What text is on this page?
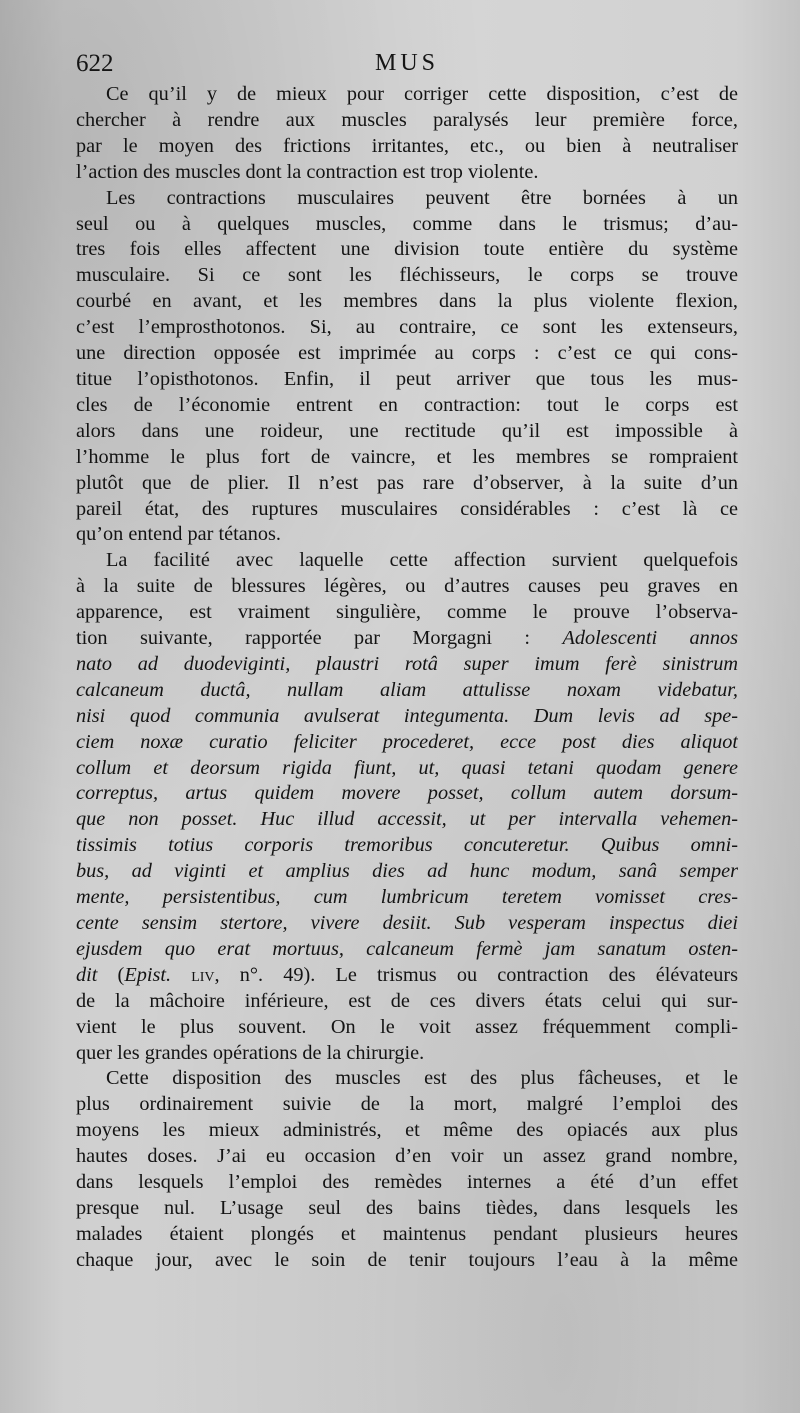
622	MUS
Ce qu’il y de mieux pour corriger cette disposition, c’est de
chercher à rendre aux muscles paralysés leur première force,
par le moyen des frictions irritantes, etc., ou bien à neutraliser
l’action des muscles dont la contraction est trop violente.
Les contractions musculaires peuvent être bornées à un
seul ou à quelques muscles, comme dans le trismus; d’au-
tres fois elles affectent une division toute entière du système
musculaire. Si ce sont les fléchisseurs, le corps se trouve
courbé en avant, et les membres dans la plus violente flexion,
c’est l’emprosthotonos. Si, au contraire, ce sont les extenseurs,
une direction opposée est imprimée au corps : c’est ce qui cons-
titue l’opisthotonos. Enfin, il peut arriver que tous les mus-
cles de l’économie entrent en contraction: tout le corps est
alors dans une roideur, une rectitude qu’il est impossible à
l’homme le plus fort de vaincre, et les membres se rompraient
plutôt que de plier. Il n’est pas rare d’observer, à la suite d’un
pareil état, des ruptures musculaires considérables : c’est là ce
qu’on entend par tétanos.
La facilité avec laquelle cette affection survient quelquefois
à la suite de blessures légères, ou d’autres causes peu graves en
apparence, est vraiment singulière, comme le prouve l’observa-
tion suivante, rapportée par Morgagni : Adolescenti annos
nato ad duodeviginti, plaustri rotâ super imum ferè sinistrum
calcaneum ductâ, nullam aliam attulisse noxam videbatur,
nisi quod communia avulserat integumenta. Dum levis ad spe-
ciem noxæ curatio feliciter procederet, ecce post dies aliquot
collum et deorsum rigida fiunt, ut, quasi tetani quodam genere
correptus, artus quidem movere posset, collum autem dorsum-
que non posset. Huc illud accessit, ut per intervalla vehemen-
tissimis totius corporis tremoribus concuteretur. Quibus omni-
bus, ad viginti et amplius dies ad hunc modum, sanâ semper
mente, persistentibus, cum lumbricum teretem vomisset cres-
cente sensim stertore, vivere desiit. Sub vesperam inspectus diei
ejusdem quo erat mortuus, calcaneum fermè jam sanatum osten-
dit (Epist. liv, n°. 49). Le trismus ou contraction des élévateurs
de la mâchoire inférieure, est de ces divers états celui qui sur-
vient le plus souvent. On le voit assez fréquemment compli-
quer les grandes opérations de la chirurgie.
Cette disposition des muscles est des plus fâcheuses, et le
plus ordinairement suivie de la mort, malgré l’emploi des
moyens les mieux administrés, et même des opiacés aux plus
hautes doses. J’ai eu occasion d’en voir un assez grand nombre,
dans lesquels l’emploi des remèdes internes a été d’un effet
presque nul. L’usage seul des bains tièdes, dans lesquels les
malades étaient plongés et maintenus pendant plusieurs heures
chaque jour, avec le soin de tenir toujours l’eau à la même
